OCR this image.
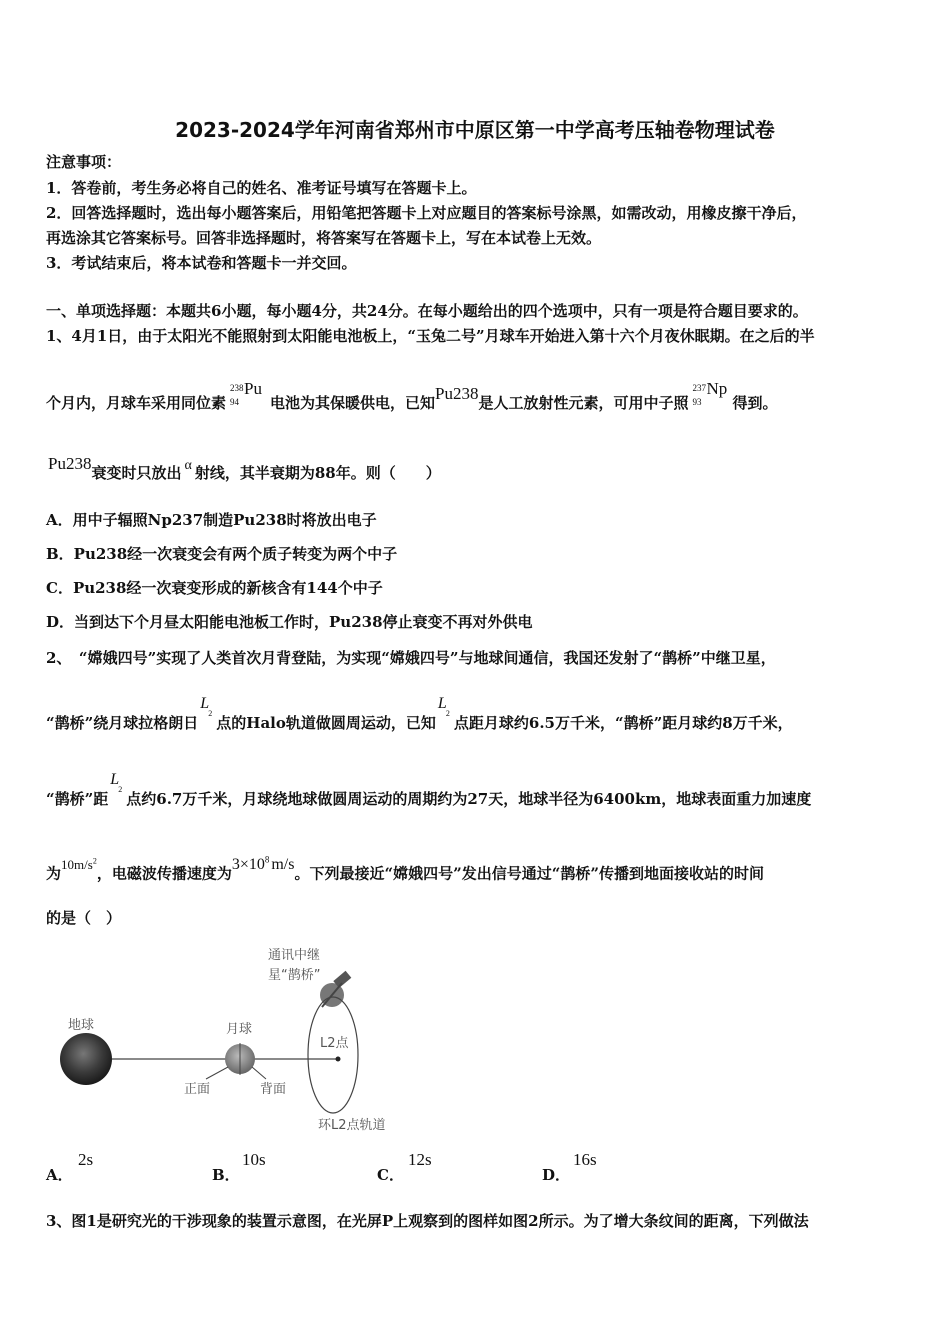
2023-2024学年河南省郑州市中原区第一中学高考压轴卷物理试卷
注意事项：
1．答卷前，考生务必将自己的姓名、准考证号填写在答题卡上。
2．回答选择题时，选出每小题答案后，用铅笔把答题卡上对应题目的答案标号涂黑，如需改动，用橡皮擦干净后，
再选涂其它答案标号。回答非选择题时，将答案写在答题卡上，写在本试卷上无效。
3．考试结束后，将本试卷和答题卡一并交回。
一、单项选择题：本题共6小题，每小题4分，共24分。在每小题给出的四个选项中，只有一项是符合题目要求的。
1、4月1日，由于太阳光不能照射到太阳能电池板上，“玉兔二号”月球车开始进入第十六个月夜休眠期。在之后的半
个月内，月球车采用同位素
238
94
Pu
电池为其保暖供电，已知Pu238是人工放射性元素，可用中子照
237
93
Np
得到。
Pu238衰变时只放出 α 射线，其半衰期为88年。则（　　）
A．用中子辐照Np237制造Pu238时将放出电子
B．Pu238经一次衰变会有两个质子转变为两个中子
C．Pu238经一次衰变形成的新核含有144个中子
D．当到达下个月昼太阳能电池板工作时，Pu238停止衰变不再对外供电
2、　“嫦娥四号”实现了人类首次月背登陆，为实现“嫦娥四号”与地球间通信，我国还发射了“鹊桥”中继卫星，
“鹊桥”绕月球拉格朗日
L
2
点的Halo轨道做圆周运动，已知
L
2
点距月球约6.5万千米，“鹊桥”距月球约8万千米，
“鹊桥”距
L
2
点约6.7万千米，月球绕地球做圆周运动的周期约为27天，地球半径为6400km，地球表面重力加速度
为$10m/s^2$，电磁波传播速度为$3\times 10^8$ m/s。下列最接近“嫦娥四号”发出信号通过“鹊桥”传播到地面接收站的时间
的是（　）
通讯中继
星“鹊桥”
地球	月球
L2点
正面	背面
环L2点轨道
A．
2s
B．
10s
C．
12s
D．
16s
3、图1是研究光的干涉现象的装置示意图，在光屏P上观察到的图样如图2所示。为了增大条纹间的距离，下列做法
